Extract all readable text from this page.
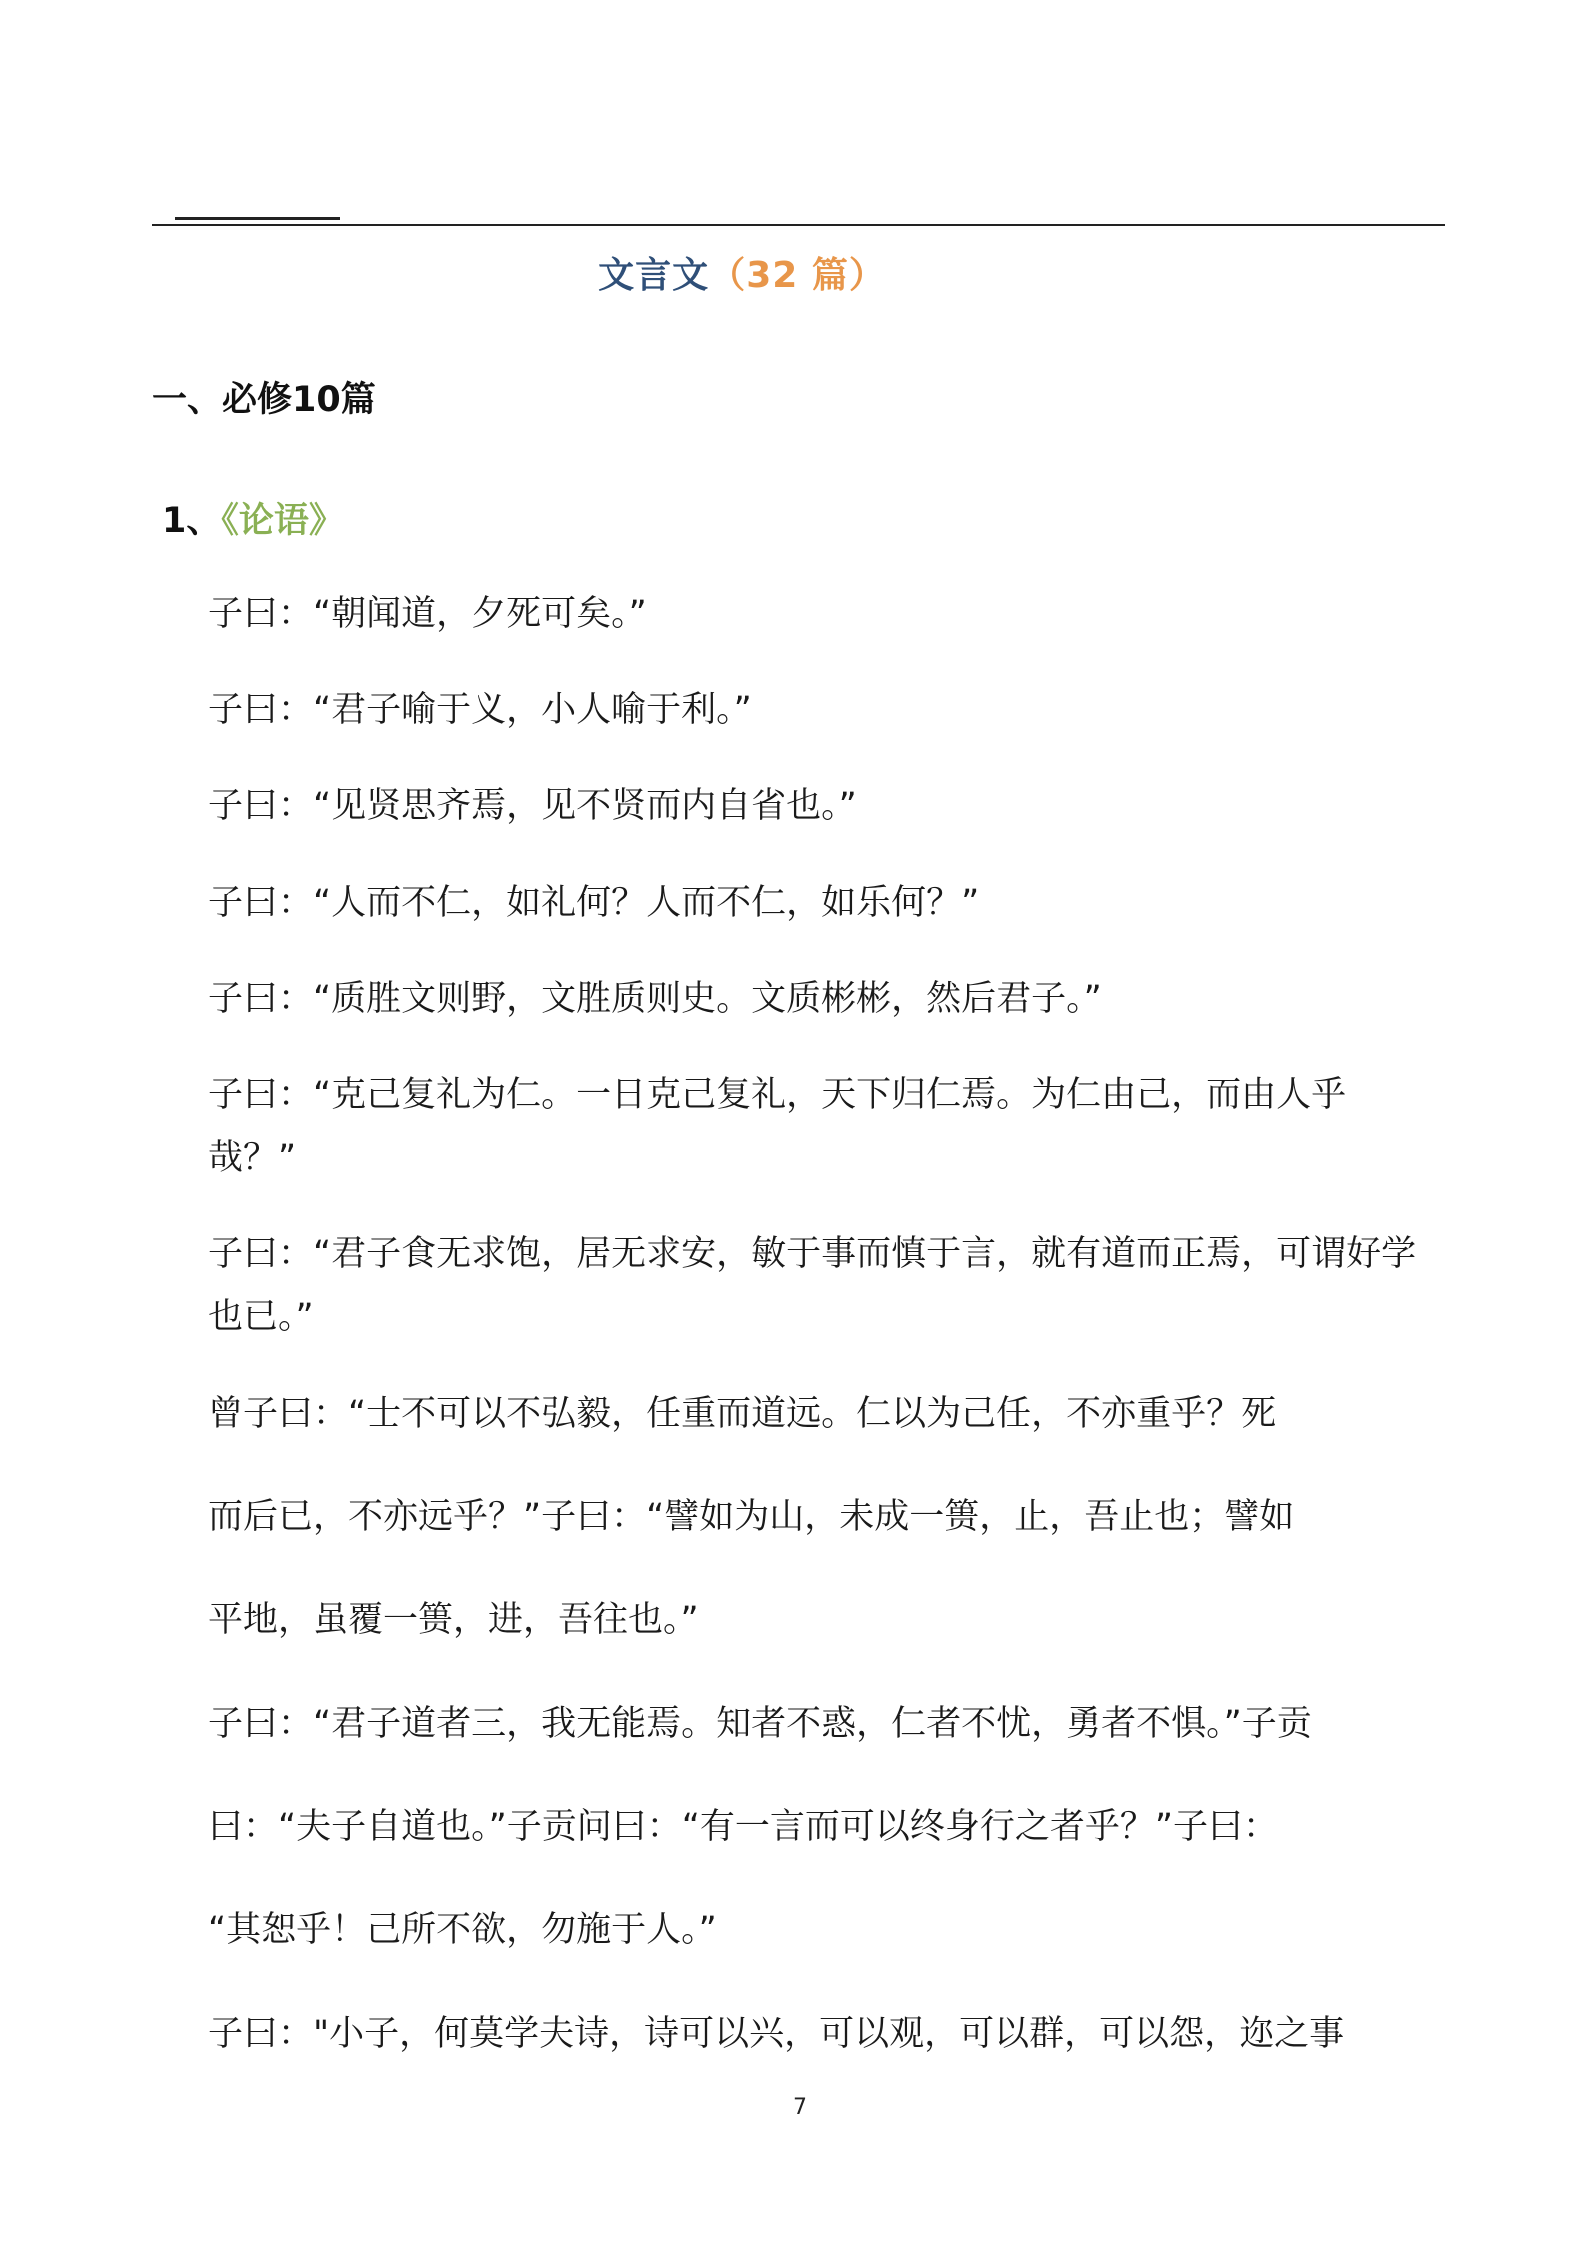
文言文（32 篇）
一、必修10篇
1、《论语》
子曰：“朝闻道，夕死可矣。”
子曰：“君子喻于义，小人喻于利。”
子曰：“见贤思齐焉，见不贤而内自省也。”
子曰：“人而不仁，如礼何？人而不仁，如乐何？”
子曰：“质胜文则野，文胜质则史。文质彬彬，然后君子。”
子曰：“克己复礼为仁。一日克己复礼，天下归仁焉。为仁由己，而由人乎
哉？”
子曰：“君子食无求饱，居无求安，敏于事而慎于言，就有道而正焉，可谓好学
也已。”
曾子曰：“士不可以不弘毅，任重而道远。仁以为己任，不亦重乎？死
而后已，不亦远乎？”子曰：“譬如为山，未成一篑，止，吾止也；譬如
平地，虽覆一篑，进，吾往也。”
子曰：“君子道者三，我无能焉。知者不惑，仁者不忧，勇者不惧。”子贡
曰：“夫子自道也。”子贡问曰：“有一言而可以终身行之者乎？”子曰：
“其恕乎！己所不欲，勿施于人。”
子曰："小子，何莫学夫诗，诗可以兴，可以观，可以群，可以怨，迩之事
7
